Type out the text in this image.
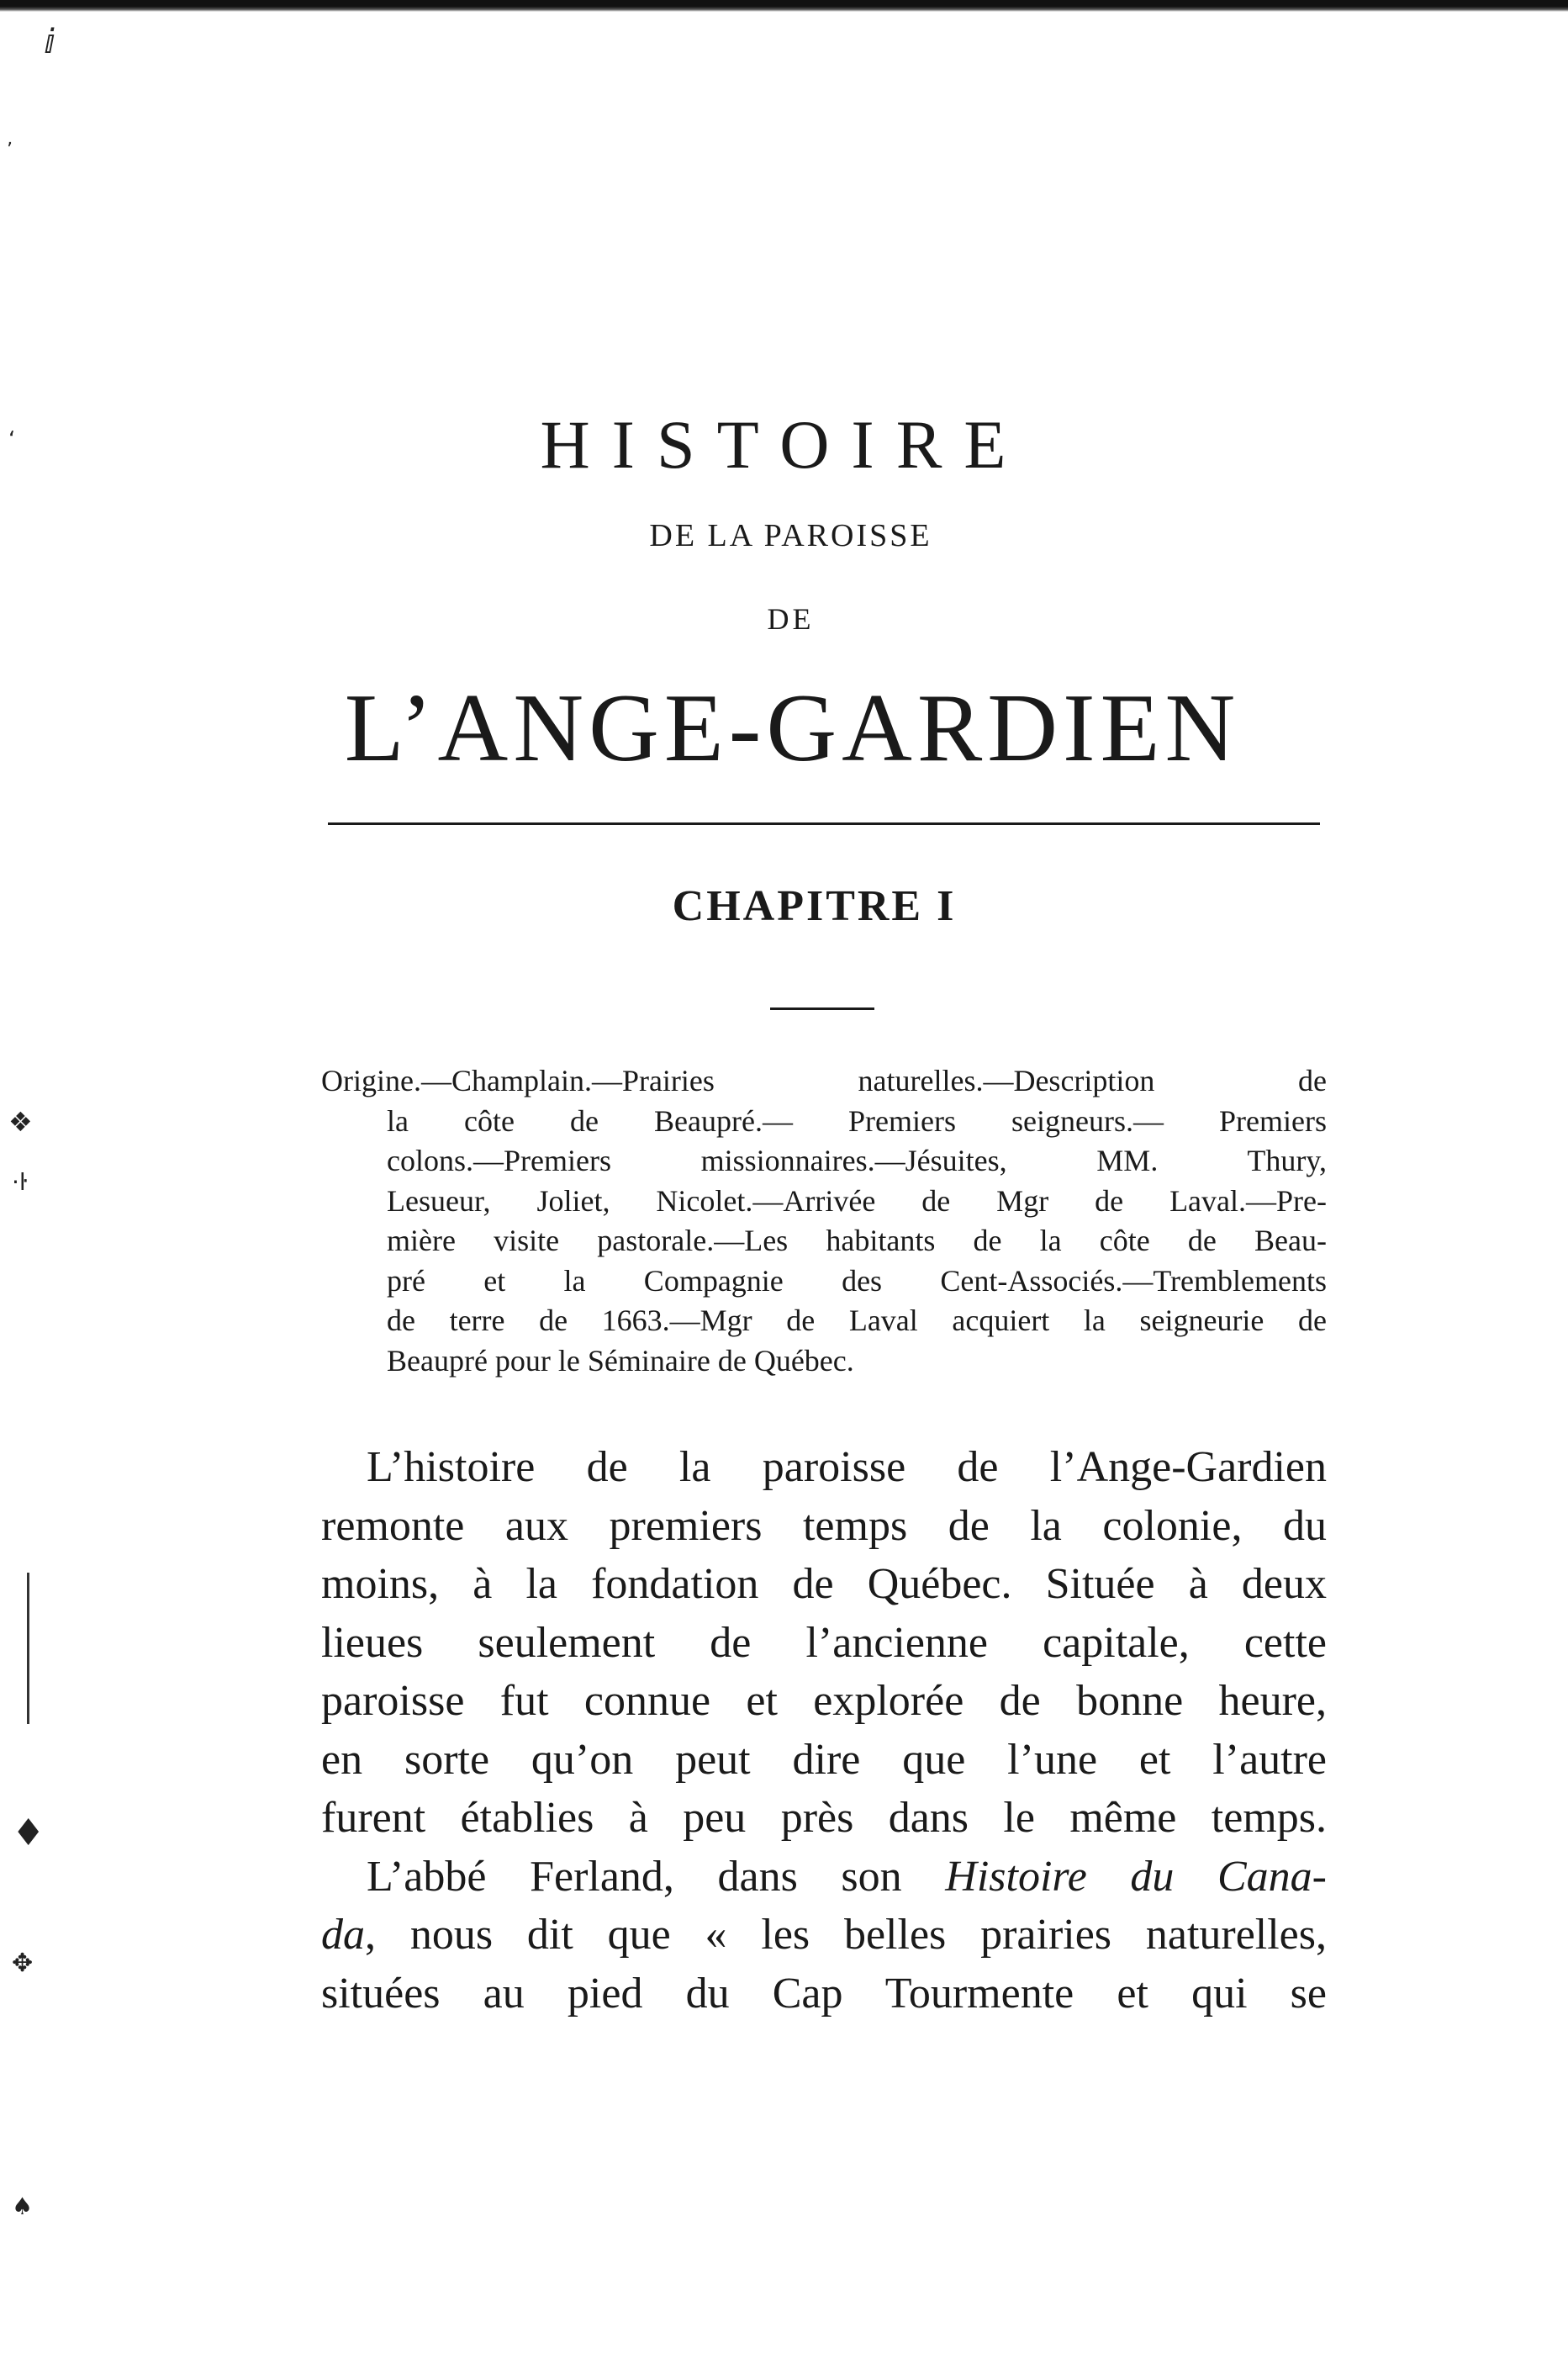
ⅈ
ʼ
‘
❖
·ŀ
♦
✥
♠
HISTOIRE
DE LA PAROISSE
DE
L’ANGE-GARDIEN
CHAPITRE I
Origine.—Champlain.—Prairies naturelles.—Description de
la côte de Beaupré.— Premiers seigneurs.— Premiers
colons.—Premiers missionnaires.—Jésuites, MM. Thury,
Lesueur, Joliet, Nicolet.—Arrivée de Mgr de Laval.—Pre-
mière visite pastorale.—Les habitants de la côte de Beau-
pré et la Compagnie des Cent-Associés.—Tremblements
de terre de 1663.—Mgr de Laval acquiert la seigneurie de
Beaupré pour le Séminaire de Québec.
L’histoire de la paroisse de l’Ange-Gardien
remonte aux premiers temps de la colonie, du
moins, à la fondation de Québec. Située à deux
lieues seulement de l’ancienne capitale, cette
paroisse fut connue et explorée de bonne heure,
en sorte qu’on peut dire que l’une et l’autre
furent établies à peu près dans le même temps.
L’abbé Ferland, dans son Histoire du Cana-
da, nous dit que « les belles prairies naturelles,
situées au pied du Cap Tourmente et qui se
